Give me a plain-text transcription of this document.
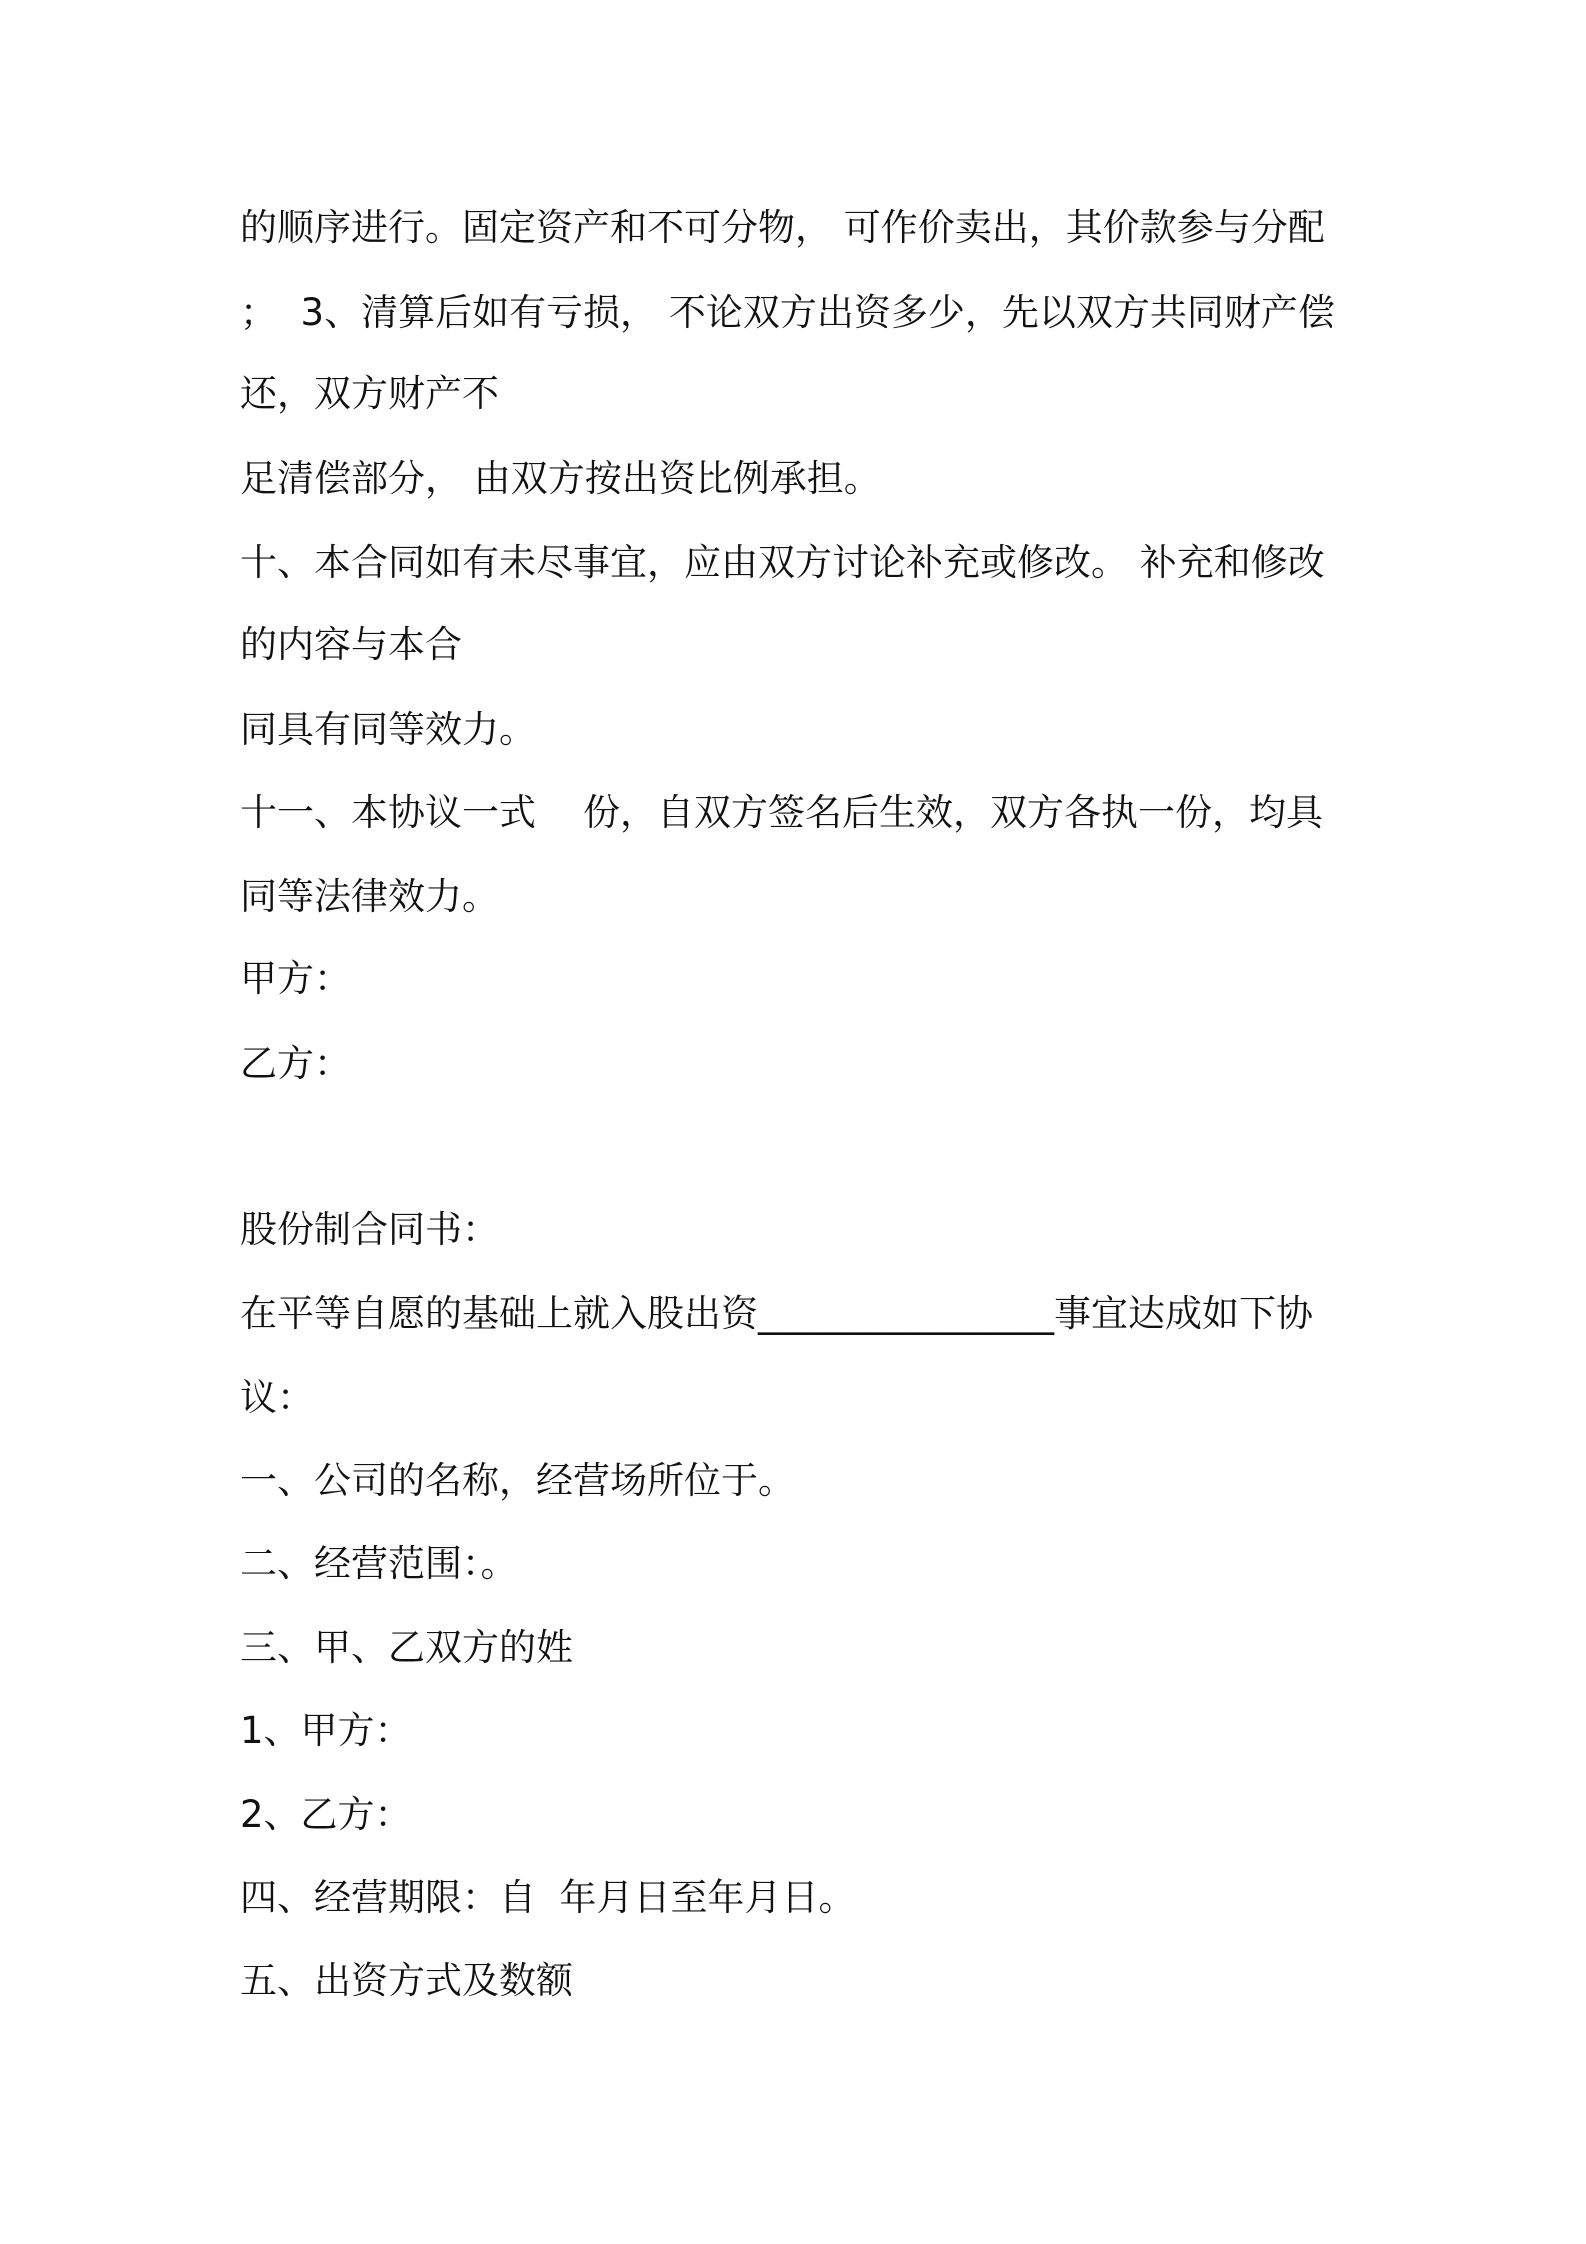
的顺序进行。固定资产和不可分物， 可作价卖出，其价款参与分配
；  3、清算后如有亏损， 不论双方出资多少，先以双方共同财产偿
还，双方财产不
足清偿部分， 由双方按出资比例承担。
十、本合同如有未尽事宜，应由双方讨论补充或修改。 补充和修改
的内容与本合
同具有同等效力。
十一、本协议一式    份，自双方签名后生效，双方各执一份，均具
同等法律效力。
甲方：
乙方：
股份制合同书：
在平等自愿的基础上就入股出资________________事宜达成如下协
议：
一、公司的名称，经营场所位于。
二、经营范围：。
三、甲、乙双方的姓
1、甲方：
2、乙方：
四、经营期限：自  年月日至年月日。
五、出资方式及数额
